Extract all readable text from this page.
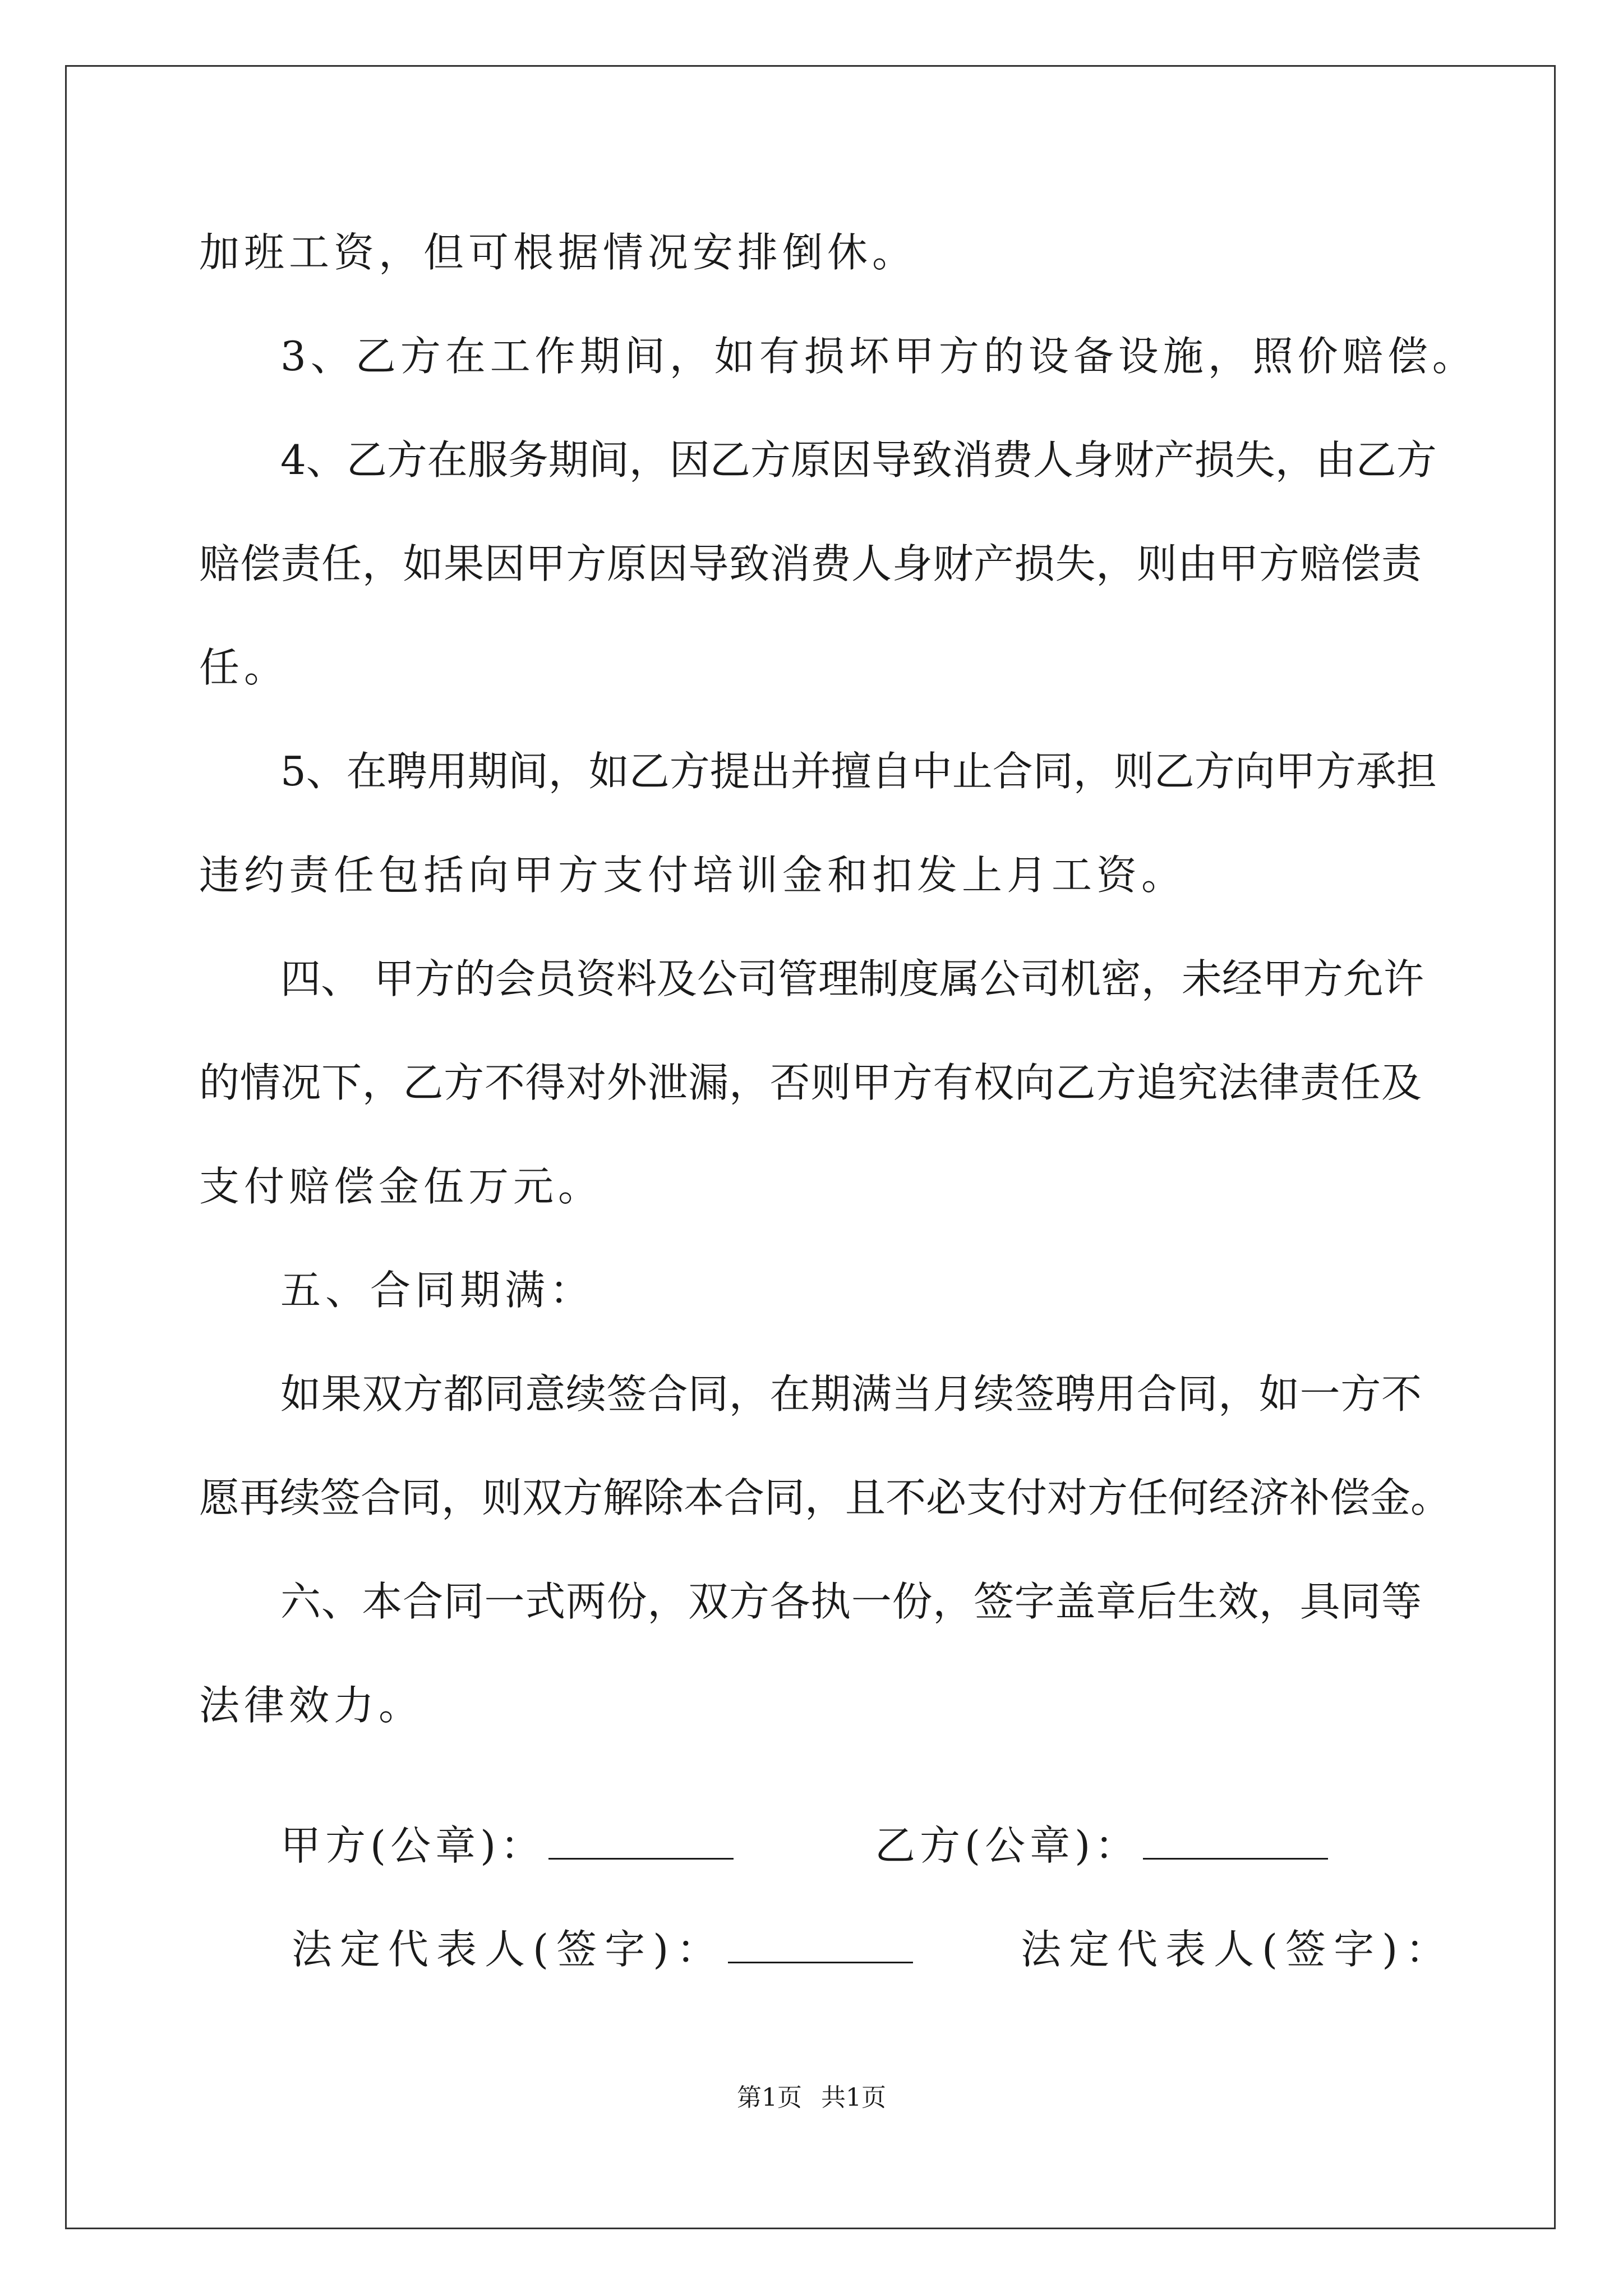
加班工资，但可根据情况安排倒休。
3、乙方在工作期间，如有损坏甲方的设备设施，照价赔偿。
4、乙方在服务期间，因乙方原因导致消费人身财产损失，由乙方
赔偿责任，如果因甲方原因导致消费人身财产损失，则由甲方赔偿责
任。
5、在聘用期间，如乙方提出并擅自中止合同，则乙方向甲方承担
违约责任包括向甲方支付培训金和扣发上月工资。
四、 甲方的会员资料及公司管理制度属公司机密，未经甲方允许
的情况下，乙方不得对外泄漏，否则甲方有权向乙方追究法律责任及
支付赔偿金伍万元。
五、合同期满：
如果双方都同意续签合同，在期满当月续签聘用合同，如一方不
愿再续签合同，则双方解除本合同，且不必支付对方任何经济补偿金。
六、本合同一式两份，双方各执一份，签字盖章后生效，具同等
法律效力。
甲方(公章)：	乙方(公章)：
法定代表人(签字)：	法定代表人(签字)：
第1页 共1页
